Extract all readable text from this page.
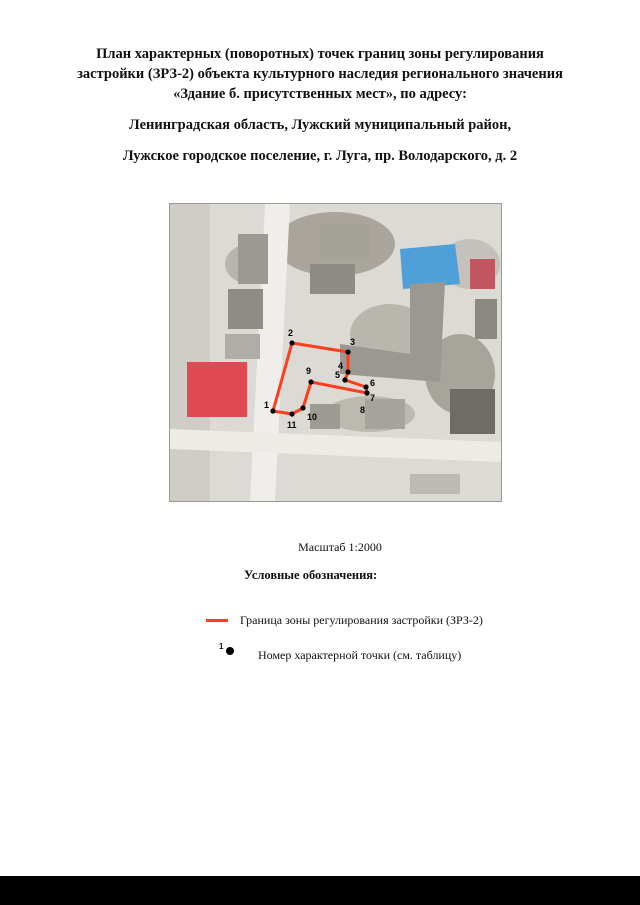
План характерных (поворотных) точек границ зоны регулирования
застройки (ЗРЗ-2) объекта культурного наследия регионального значения
«Здание б. присутственных мест», по адресу:
Ленинградская область, Лужский муниципальный район,
Лужское городское поселение, г. Луга, пр. Володарского, д. 2
1
2
3
4
5
6
7
8
9
10
11
Масштаб 1:2000
Условные обозначения:
Граница зоны регулирования застройки (ЗРЗ-2)
1
Номер характерной точки (см. таблицу)
